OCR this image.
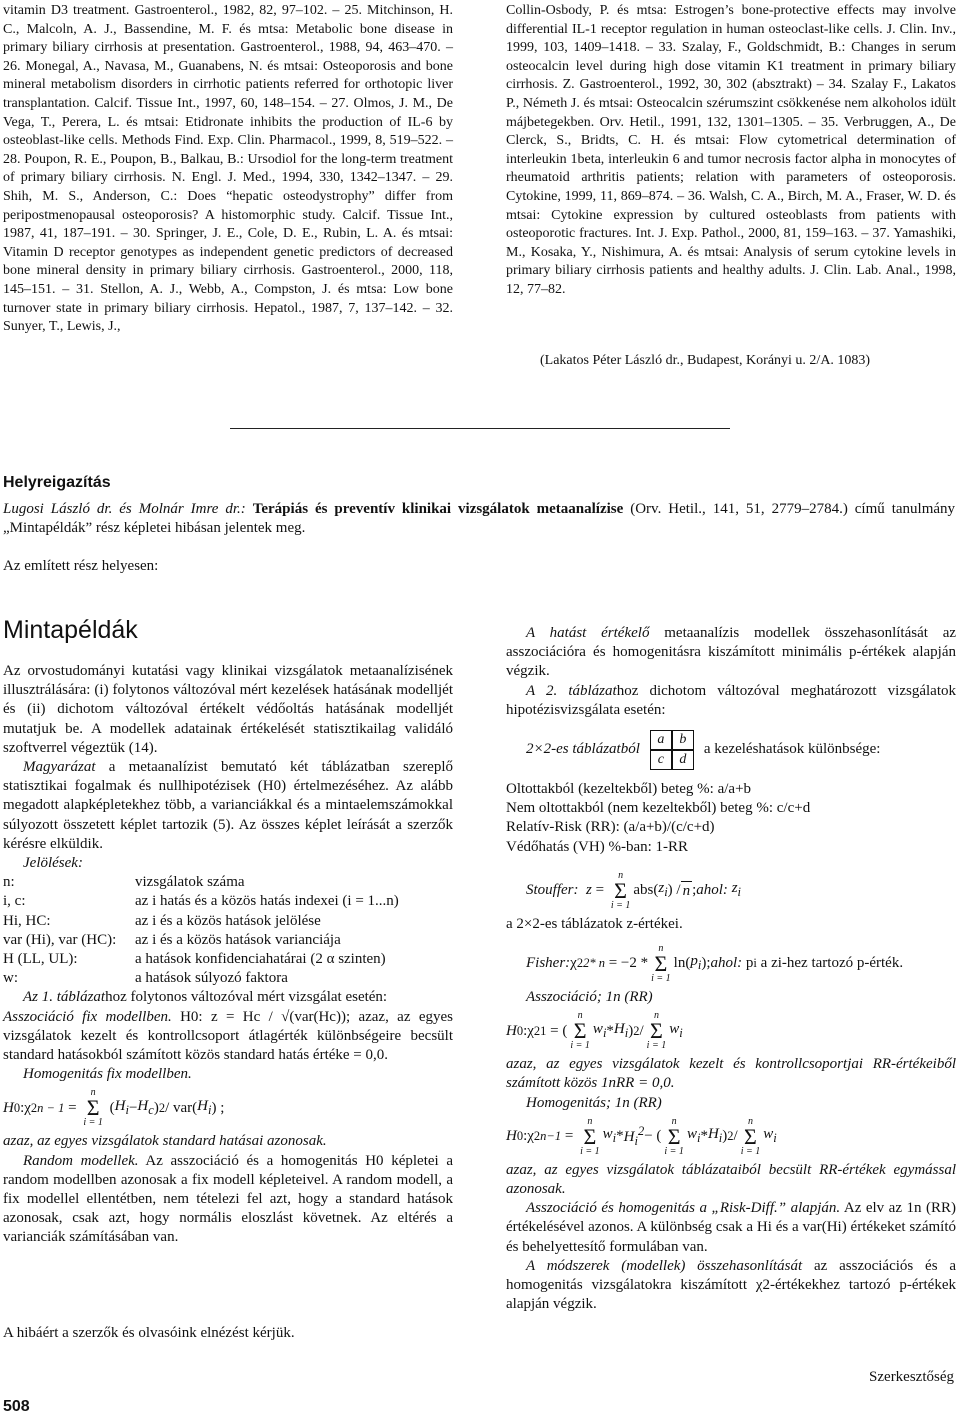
vitamin D3 treatment. Gastroenterol., 1982, 82, 97–102. – 25. Mitchinson, H. C., Malcoln, A. J., Bassendine, M. F. és mtsa: Metabolic bone disease in primary biliary cirrhosis at presentation. Gastroenterol., 1988, 94, 463–470. – 26. Monegal, A., Navasa, M., Guanabens, N. és mtsai: Osteoporosis and bone mineral metabolism disorders in cirrhotic patients referred for orthotopic liver transplantation. Calcif. Tissue Int., 1997, 60, 148–154. – 27. Olmos, J. M., De Vega, T., Perera, L. és mtsai: Etidronate inhibits the production of IL-6 by osteoblast-like cells. Methods Find. Exp. Clin. Pharmacol., 1999, 8, 519–522. – 28. Poupon, R. E., Poupon, B., Balkau, B.: Ursodiol for the long-term treatment of primary biliary cirrhosis. N. Engl. J. Med., 1994, 330, 1342–1347. – 29. Shih, M. S., Anderson, C.: Does “hepatic osteodystrophy” differ from peripostmenopausal osteoporosis? A histomorphic study. Calcif. Tissue Int., 1987, 41, 187–191. – 30. Springer, J. E., Cole, D. E., Rubin, L. A. és mtsai: Vitamin D receptor genotypes as independent genetic predictors of decreased bone mineral density in primary biliary cirrhosis. Gastroenterol., 2000, 118, 145–151. – 31. Stellon, A. J., Webb, A., Compston, J. és mtsa: Low bone turnover state in primary biliary cirrhosis. Hepatol., 1987, 7, 137–142. – 32. Sunyer, T., Lewis, J.,

Collin-Osbody, P. és mtsa: Estrogen’s bone-protective effects may involve differential IL-1 receptor regulation in human osteoclast-like cells. J. Clin. Inv., 1999, 103, 1409–1418. – 33. Szalay, F., Goldschmidt, B.: Changes in serum osteocalcin level during high dose vitamin K1 treatment in primary biliary cirrhosis. Z. Gastroenterol., 1992, 30, 302 (absztrakt) – 34. Szalay F., Lakatos P., Németh J. és mtsai: Osteocalcin szérumszint csökkenése nem alkoholos idült májbetegekben. Orv. Hetil., 1991, 132, 1301–1305. – 35. Verbruggen, A., De Clerck, S., Bridts, C. H. és mtsai: Flow cytometrical determination of interleukin 1beta, interleukin 6 and tumor necrosis factor alpha in monocytes of rheumatoid arthritis patients; relation with parameters of osteoporosis. Cytokine, 1999, 11, 869–874. – 36. Walsh, C. A., Birch, M. A., Fraser, W. D. és mtsai: Cytokine expression by cultured osteoblasts from patients with osteoporotic fractures. Int. J. Exp. Pathol., 2000, 81, 159–163. – 37. Yamashiki, M., Kosaka, Y., Nishimura, A. és mtsai: Analysis of serum cytokine levels in primary biliary cirrhosis patients and healthy adults. J. Clin. Lab. Anal., 1998, 12, 77–82.

(Lakatos Péter László dr., Budapest, Korányi u. 2/A. 1083)

Helyreigazítás

Lugosi László dr. és Molnár Imre dr.: Terápiás és preventív klinikai vizsgálatok metaanalízise (Orv. Hetil., 141, 51, 2779–2784.) című tanulmány „Mintapéldák” rész képletei hibásan jelentek meg.

Az említett rész helyesen:

Mintapéldák

Az orvostudományi kutatási vagy klinikai vizsgálatok metaanalízisének illusztrálására: (i) folytonos változóval mért kezelések hatásának modelljét és (ii) dichotom változóval értékelt védőoltás hatásának modelljét mutatjuk be. A modellek adatainak értékelését statisztikailag validáló szoftverrel végeztük (14).

Magyarázat a metaanalízist bemutató két táblázatban szereplő statisztikai fogalmak és nullhipotézisek (H0) értelmezéséhez. Az alább megadott alapképletekhez több, a varianciákkal és a mintaelemszámokkal súlyozott összetett képlet tartozik (5). Az összes képlet leírását a szerzők kérésre elküldik.

Jelölések:

n:	vizsgálatok száma
i, c:	az i hatás és a közös hatás indexei (i = 1...n)
Hi, HC:	az i és a közös hatások jelölése
var (Hi), var (HC):	az i és a közös hatások varianciája
H (LL, UL):	a hatások konfidenciahatárai (2 α szinten)
w:	a hatások súlyozó faktora

Az 1. táblázathoz folytonos változóval mért vizsgálat esetén:

Asszociáció fix modellben. H0: z = Hc / √(var(Hc)); azaz, az egyes vizsgálatok kezelt és kontrollcsoport átlagérték különbségeire becsült standard hatásokból számított közös standard hatás értéke = 0,0.

Homogenitás fix modellben.

H 0 :χ 2 n − 1 =
n
Σ
i = 1
( $H_i - H_c$ ) 2 / var( $H_i$ ) ;

azaz, az egyes vizsgálatok standard hatásai azonosak.

Random modellek. Az asszociáció és a homogenitás H0 képletei a random modellben azonosak a fix modell képleteivel. A random modell, a fix modellel ellentétben, nem tételezi fel azt, hogy a standard hatások azonosak, csak azt, hogy normális eloszlást követnek. Az eltérés a varianciák számításában van.

A hatást értékelő metaanalízis modellek összehasonlítását az asszociációra és homogenitásra kiszámított minimális p-értékek alapján végzik.

A 2. táblázathoz dichotom változóval meghatározott vizsgálatok hipotézisvizsgálata esetén:

2×2-es táblázatból
a	b
c	d
a kezeléshatások különbsége:

Oltottakból (kezeltekből) beteg %: a/a+b

Nem oltottakból (nem kezeltekből) beteg %: c/c+d

Relatív-Risk (RR): (a/a+b)/(c/c+d)

Védőhatás (VH) %-ban: 1-RR

Stouffer:
z =
n
Σ
i = 1
abs( $z_i$ ) / n ; ahol:
$z_i$

a 2×2-es táblázatok z-értékei.

Fisher: χ 2 2* n = −2 *
n
Σ
i = 1
ln( $p_i$ ); ahol: p i
a zi-hez tartozó p-érték.

Asszociáció; 1n (RR)

H 0 :χ 2 1 = (
n
Σ
i = 1
$w_i * H_i$ ) 2 /
n
Σ
i = 1
$w_i$

azaz, az egyes vizsgálatok kezelt és kontrollcsoportjai RR-értékeiből számított közös 1nRR = 0,0.

Homogenitás; 1n (RR)

H 0 :χ 2 n−1 =
n
Σ
i = 1
$w_i * H_i^2$ − (
n
Σ
i = 1
$w_i * H_i$ ) 2 /
n
Σ
i = 1
$w_i$

azaz, az egyes vizsgálatok táblázataiból becsült RR-értékek egymással azonosak.

Asszociáció és homogenitás a „Risk-Diff.” alapján. Az elv az 1n (RR) értékelésével azonos. A különbség csak a Hi és a var(Hi) értékeket számító és behelyettesítő formulában van.

A módszerek (modellek) összehasonlítását az asszociációs és a homogenitás vizsgálatokra kiszámított χ2-értékekhez tartozó p-értékek alapján végzik.

A hibáért a szerzők és olvasóink elnézést kérjük.

Szerkesztőség

508
